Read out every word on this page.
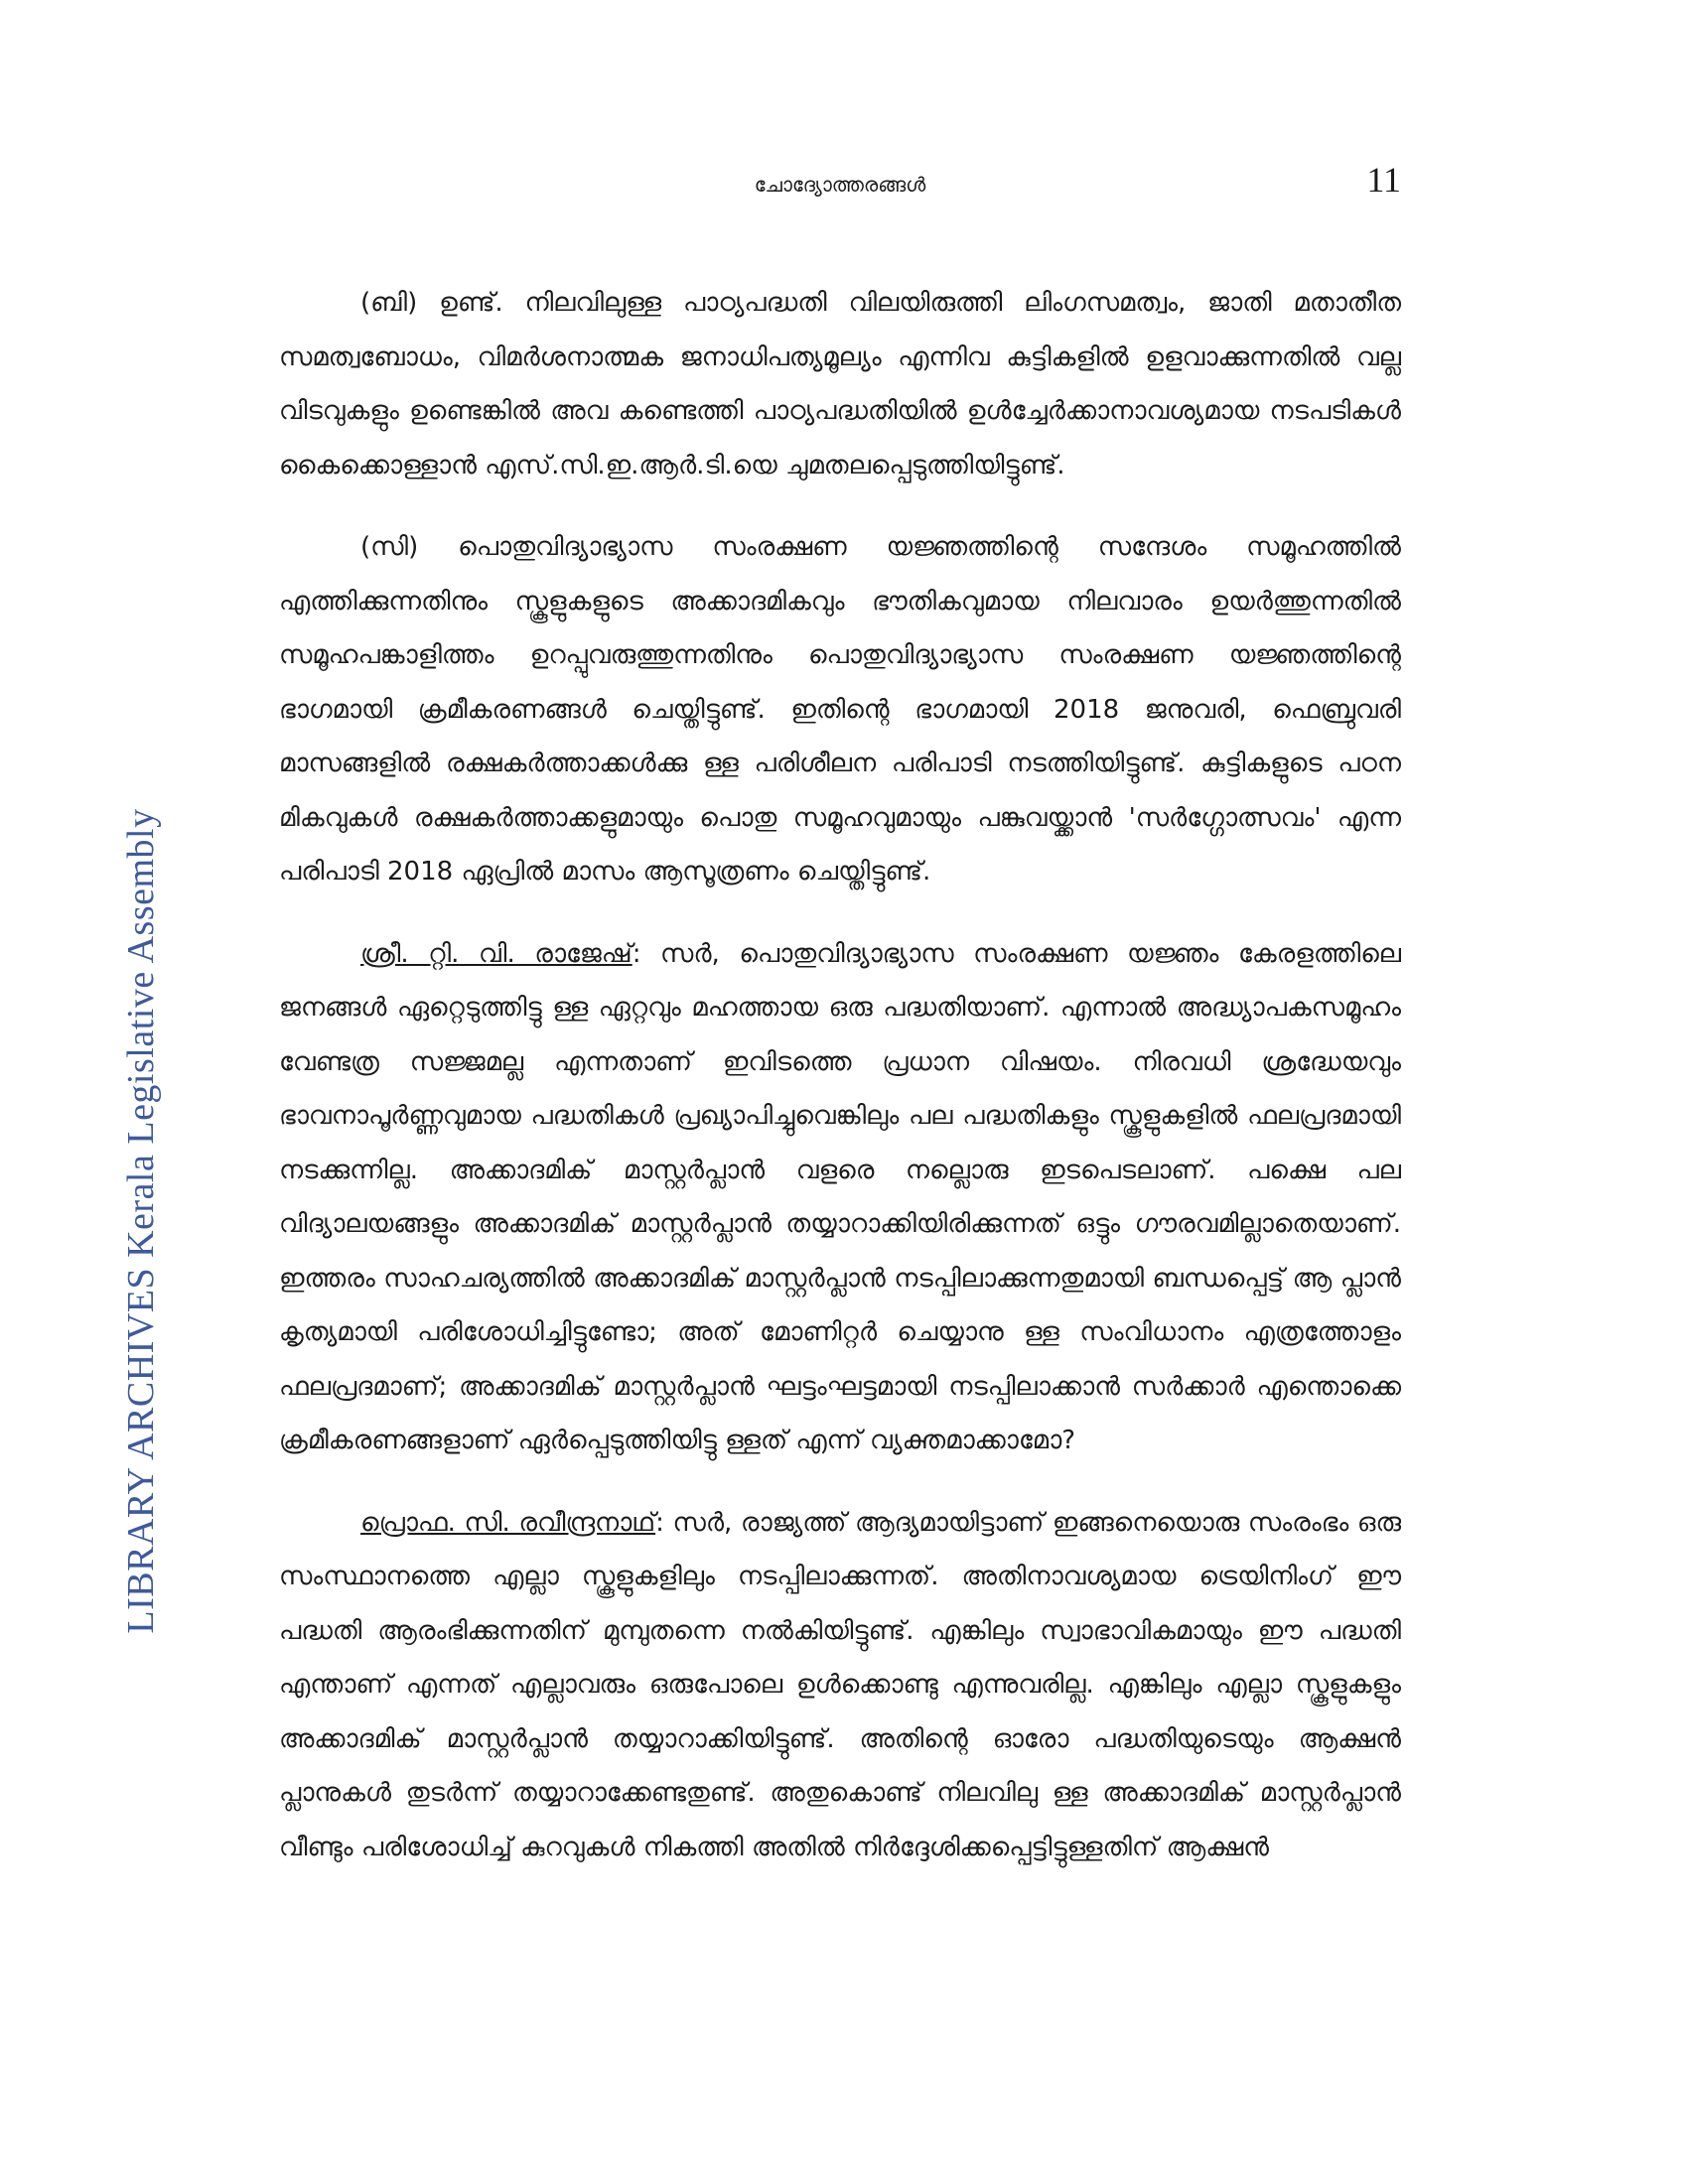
ചോദ്യോത്തരങ്ങൾ	11
LIBRARY ARCHIVES Kerala Legislative Assembly

(ബി) ഉണ്ട്. നിലവിലുള്ള പാഠ്യപദ്ധതി വിലയിരുത്തി ലിംഗസമത്വം, ജാതി മതാതീത സമത്വബോധം, വിമർശനാത്മക ജനാധിപത്യമൂല്യം എന്നിവ കുട്ടികളിൽ ഉളവാക്കുന്നതിൽ വല്ല വിടവുകളും ഉണ്ടെങ്കിൽ അവ കണ്ടെത്തി പാഠ്യപദ്ധതിയിൽ ഉൾച്ചേർക്കാനാവശ്യമായ നടപടികൾ കൈക്കൊള്ളാൻ എസ്.സി.ഇ.ആർ.ടി.യെ ചുമതലപ്പെടുത്തിയിട്ടുണ്ട്.

(സി) പൊതുവിദ്യാഭ്യാസ സംരക്ഷണ യജ്ഞത്തിന്റെ സന്ദേശം സമൂഹത്തിൽ എത്തിക്കുന്നതിനും സ്കൂളുകളുടെ അക്കാദമികവും ഭൗതികവുമായ നിലവാരം ഉയർത്തുന്നതിൽ സമൂഹപങ്കാളിത്തം ഉറപ്പുവരുത്തുന്നതിനും പൊതുവിദ്യാഭ്യാസ സംരക്ഷണ യജ്ഞത്തിന്റെ ഭാഗമായി ക്രമീകരണങ്ങൾ ചെയ്തിട്ടുണ്ട്. ഇതിന്റെ ഭാഗമായി 2018 ജനുവരി, ഫെബ്രുവരി മാസങ്ങളിൽ രക്ഷകർത്താക്കൾക്കു ള്ള പരിശീലന പരിപാടി നടത്തിയിട്ടുണ്ട്. കുട്ടികളുടെ പഠന മികവുകൾ രക്ഷകർത്താക്കളുമായും പൊതു സമൂഹവുമായും പങ്കുവയ്ക്കാൻ 'സർഗ്ഗോത്സവം' എന്ന പരിപാടി 2018 ഏപ്രിൽ മാസം ആസൂത്രണം ചെയ്തിട്ടുണ്ട്.

ശ്രീ. റ്റി. വി. രാജേഷ്: സർ, പൊതുവിദ്യാഭ്യാസ സംരക്ഷണ യജ്ഞം കേരളത്തിലെ ജനങ്ങൾ ഏറ്റെടുത്തിട്ടു ള്ള ഏറ്റവും മഹത്തായ ഒരു പദ്ധതിയാണ്. എന്നാൽ അദ്ധ്യാപകസമൂഹം വേണ്ടത്ര സജ്ജമല്ല എന്നതാണ് ഇവിടത്തെ പ്രധാന വിഷയം. നിരവധി ശ്രദ്ധേയവും ഭാവനാപൂർണ്ണവുമായ പദ്ധതികൾ പ്രഖ്യാപിച്ചുവെങ്കിലും പല പദ്ധതികളും സ്കൂളുകളിൽ ഫലപ്രദമായി നടക്കുന്നില്ല. അക്കാദമിക് മാസ്റ്റർപ്ലാൻ വളരെ നല്ലൊരു ഇടപെടലാണ്. പക്ഷെ പല വിദ്യാലയങ്ങളും അക്കാദമിക് മാസ്റ്റർപ്ലാൻ തയ്യാറാക്കിയിരിക്കുന്നത് ഒട്ടും ഗൗരവമില്ലാതെയാണ്. ഇത്തരം സാഹചര്യത്തിൽ അക്കാദമിക് മാസ്റ്റർപ്ലാൻ നടപ്പിലാക്കുന്നതുമായി ബന്ധപ്പെട്ട് ആ പ്ലാൻ കൃത്യമായി പരിശോധിച്ചിട്ടുണ്ടോ; അത് മോണിറ്റർ ചെയ്യാനു ള്ള സംവിധാനം എത്രത്തോളം ഫലപ്രദമാണ്; അക്കാദമിക് മാസ്റ്റർപ്ലാൻ ഘട്ടംഘട്ടമായി നടപ്പിലാക്കാൻ സർക്കാർ എന്തൊക്കെ ക്രമീകരണങ്ങളാണ് ഏർപ്പെടുത്തിയിട്ടു ള്ളത് എന്ന് വ്യക്തമാക്കാമോ?

പ്രൊഫ. സി. രവീന്ദ്രനാഥ്: സർ, രാജ്യത്ത് ആദ്യമായിട്ടാണ് ഇങ്ങനെയൊരു സംരംഭം ഒരു സംസ്ഥാനത്തെ എല്ലാ സ്കൂളുകളിലും നടപ്പിലാക്കുന്നത്. അതിനാവശ്യമായ ട്രെയിനിംഗ് ഈ പദ്ധതി ആരംഭിക്കുന്നതിന് മുമ്പുതന്നെ നൽകിയിട്ടുണ്ട്. എങ്കിലും സ്വാഭാവികമായും ഈ പദ്ധതി എന്താണ് എന്നത് എല്ലാവരും ഒരുപോലെ ഉൾക്കൊണ്ടു എന്നുവരില്ല. എങ്കിലും എല്ലാ സ്കൂളുകളും അക്കാദമിക് മാസ്റ്റർപ്ലാൻ തയ്യാറാക്കിയിട്ടുണ്ട്. അതിന്റെ ഓരോ പദ്ധതിയുടെയും ആക്ഷൻ പ്ലാനുകൾ തുടർന്ന് തയ്യാറാക്കേണ്ടതുണ്ട്. അതുകൊണ്ട് നിലവിലു ള്ള അക്കാദമിക് മാസ്റ്റർപ്ലാൻ വീണ്ടും പരിശോധിച്ച് കുറവുകൾ നികത്തി അതിൽ നിർദ്ദേശിക്കപ്പെട്ടിട്ടുള്ളതിന് ആക്ഷൻ
